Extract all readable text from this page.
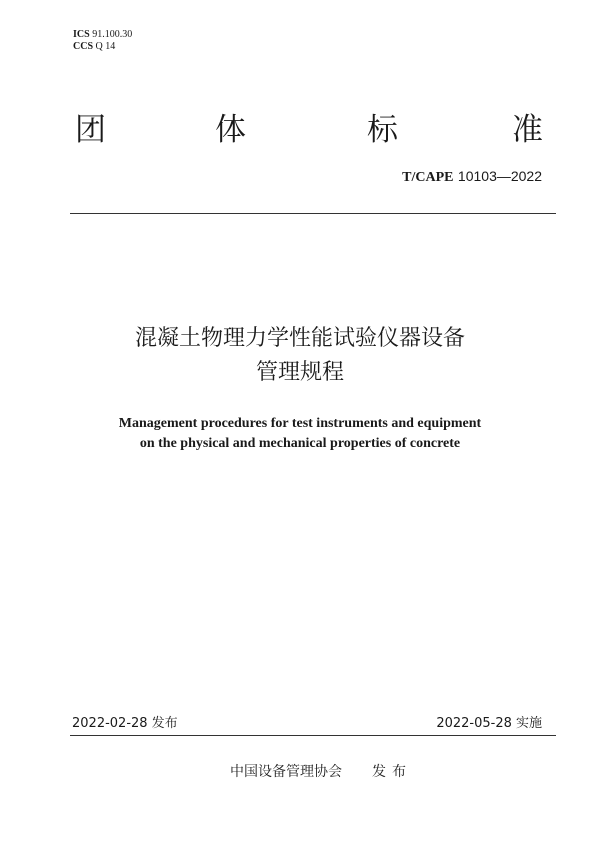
ICS 91.100.30
CCS Q 14
团	体	标	准
T/CAPE 10103—2022
混凝土物理力学性能试验仪器设备
管理规程
Management procedures for test instruments and equipment
on the physical and mechanical properties of concrete
2022-02-28 发布	2022-05-28 实施
中国设备管理协会 发布
